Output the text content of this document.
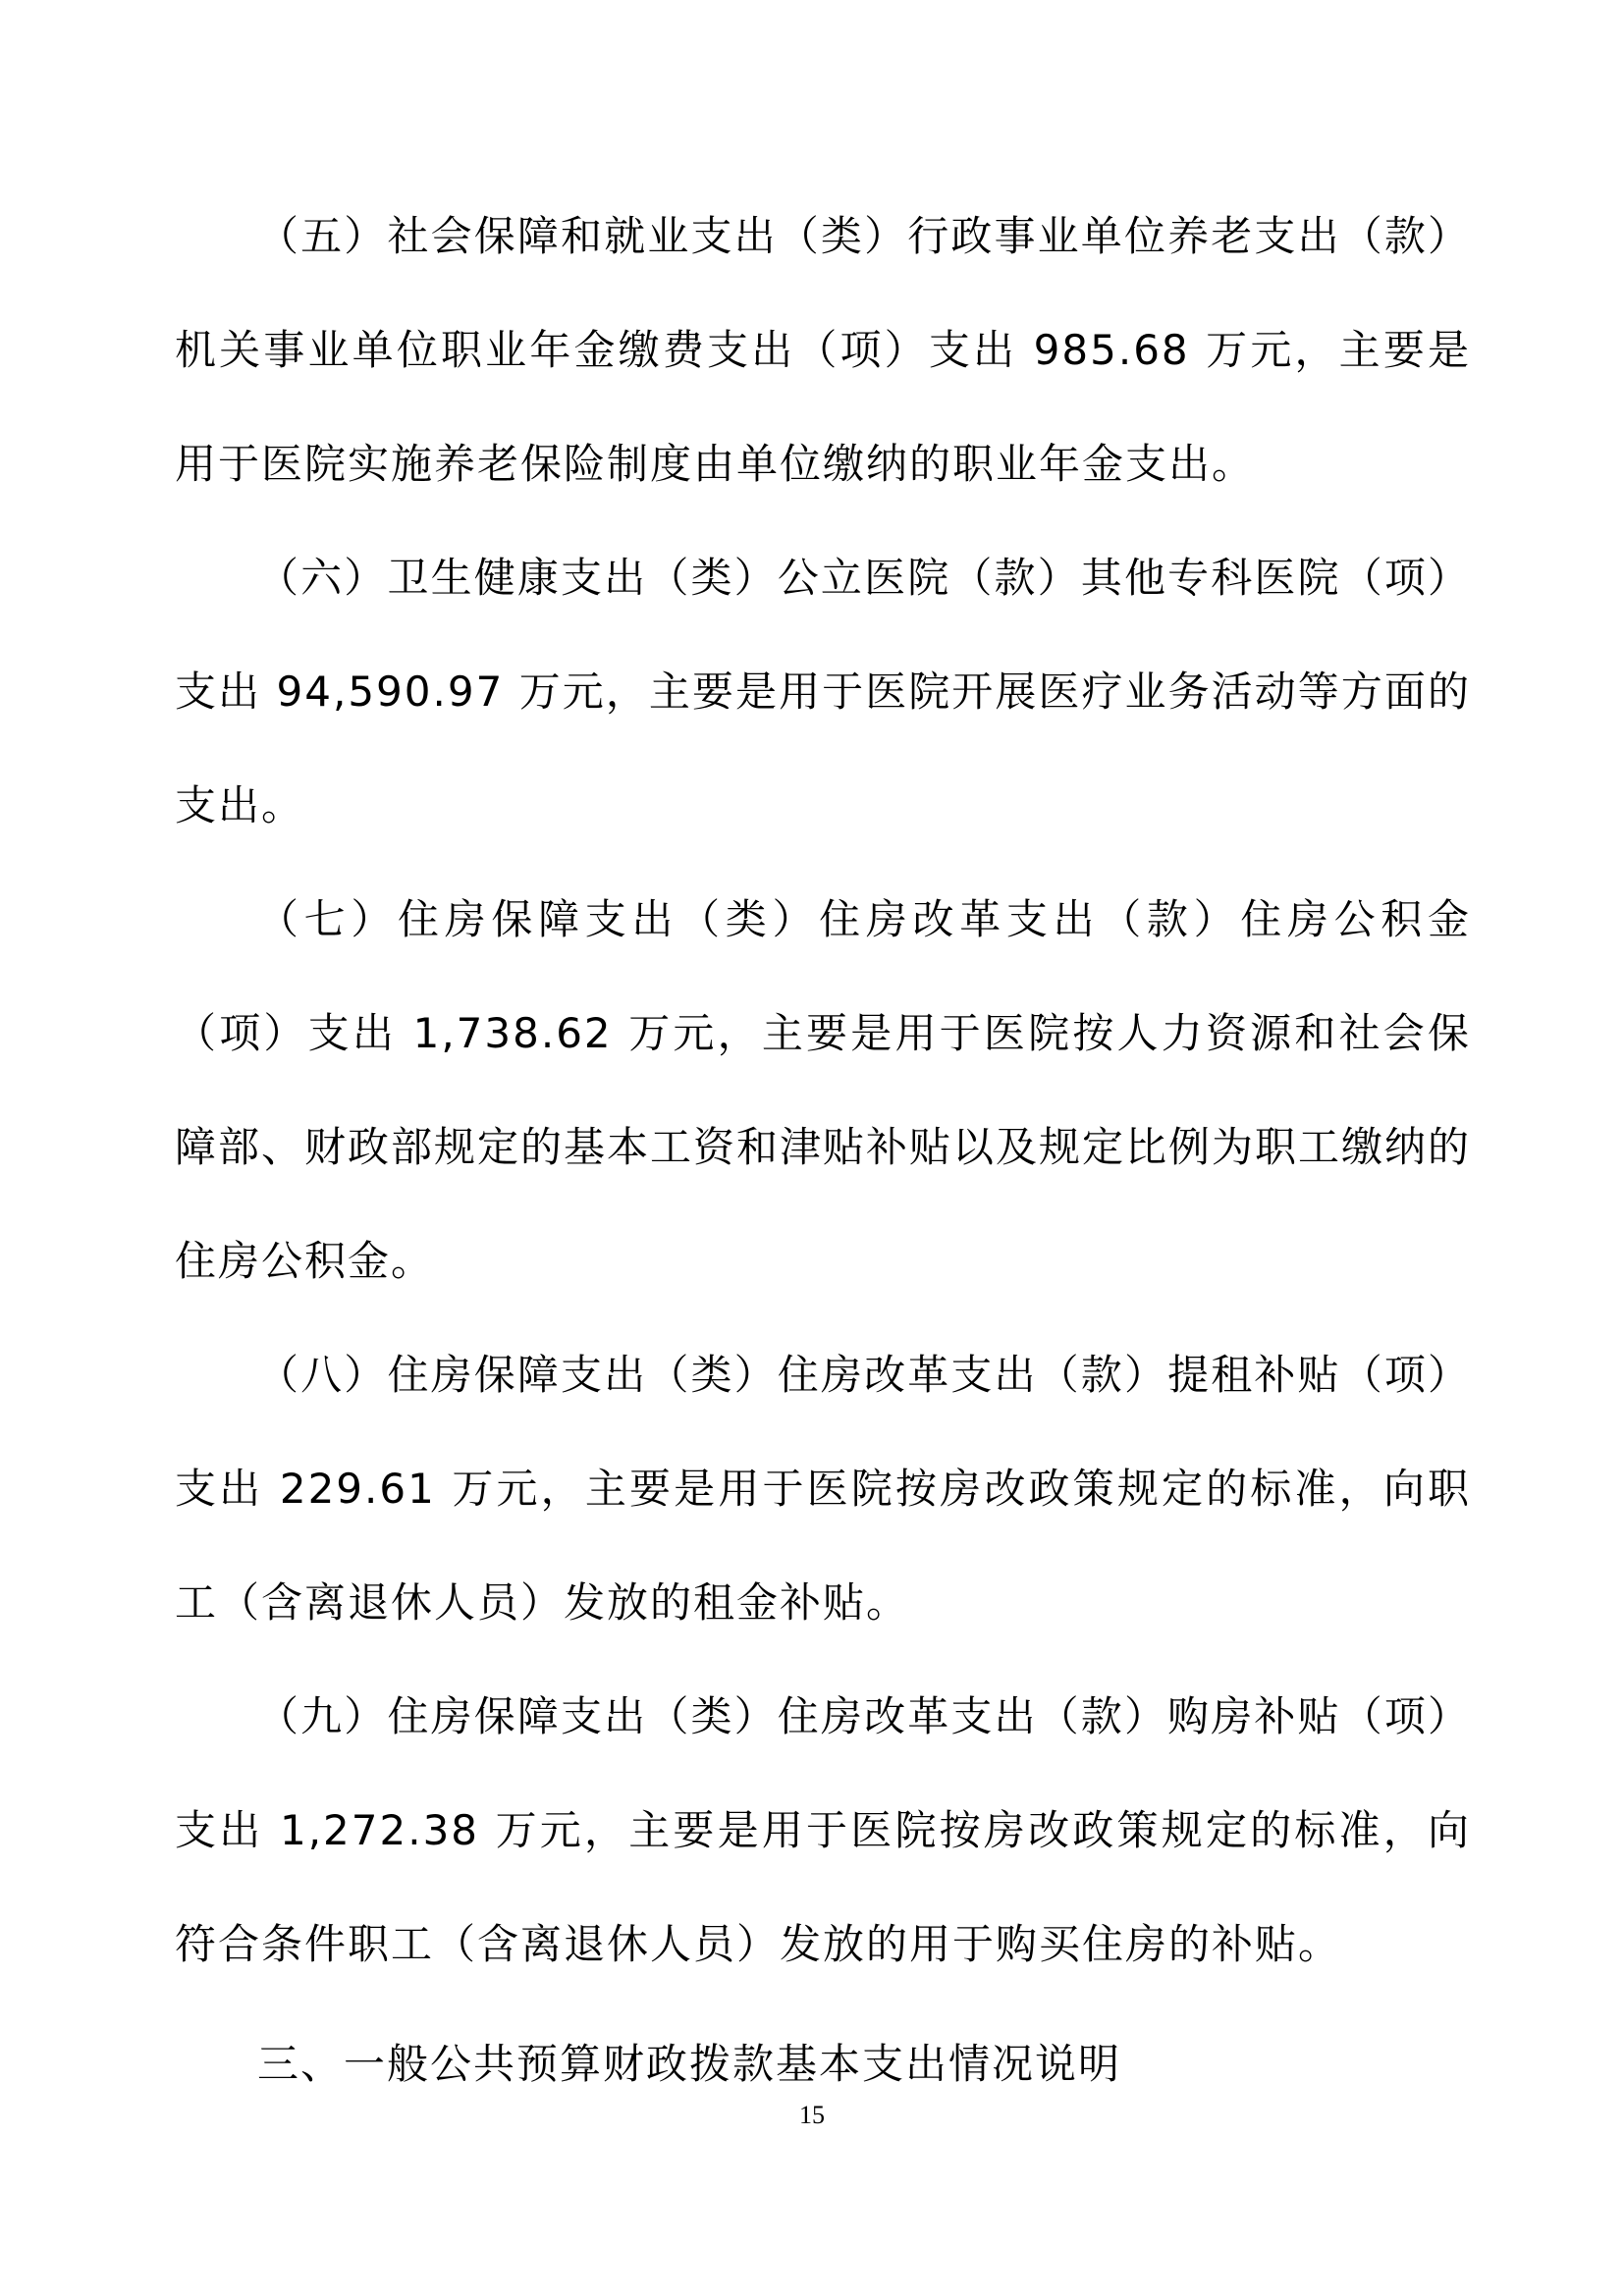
（五）社会保障和就业支出（类）行政事业单位养老支出（款）机关事业单位职业年金缴费支出（项）支出 985.68 万元，主要是用于医院实施养老保险制度由单位缴纳的职业年金支出。

（六）卫生健康支出（类）公立医院（款）其他专科医院（项）支出 94,590.97 万元，主要是用于医院开展医疗业务活动等方面的支出。

（七）住房保障支出（类）住房改革支出（款）住房公积金（项）支出 1,738.62 万元，主要是用于医院按人力资源和社会保障部、财政部规定的基本工资和津贴补贴以及规定比例为职工缴纳的住房公积金。

（八）住房保障支出（类）住房改革支出（款）提租补贴（项）支出 229.61 万元，主要是用于医院按房改政策规定的标准，向职工（含离退休人员）发放的租金补贴。

（九）住房保障支出（类）住房改革支出（款）购房补贴（项）支出 1,272.38 万元，主要是用于医院按房改政策规定的标准，向符合条件职工（含离退休人员）发放的用于购买住房的补贴。

三、一般公共预算财政拨款基本支出情况说明

15
